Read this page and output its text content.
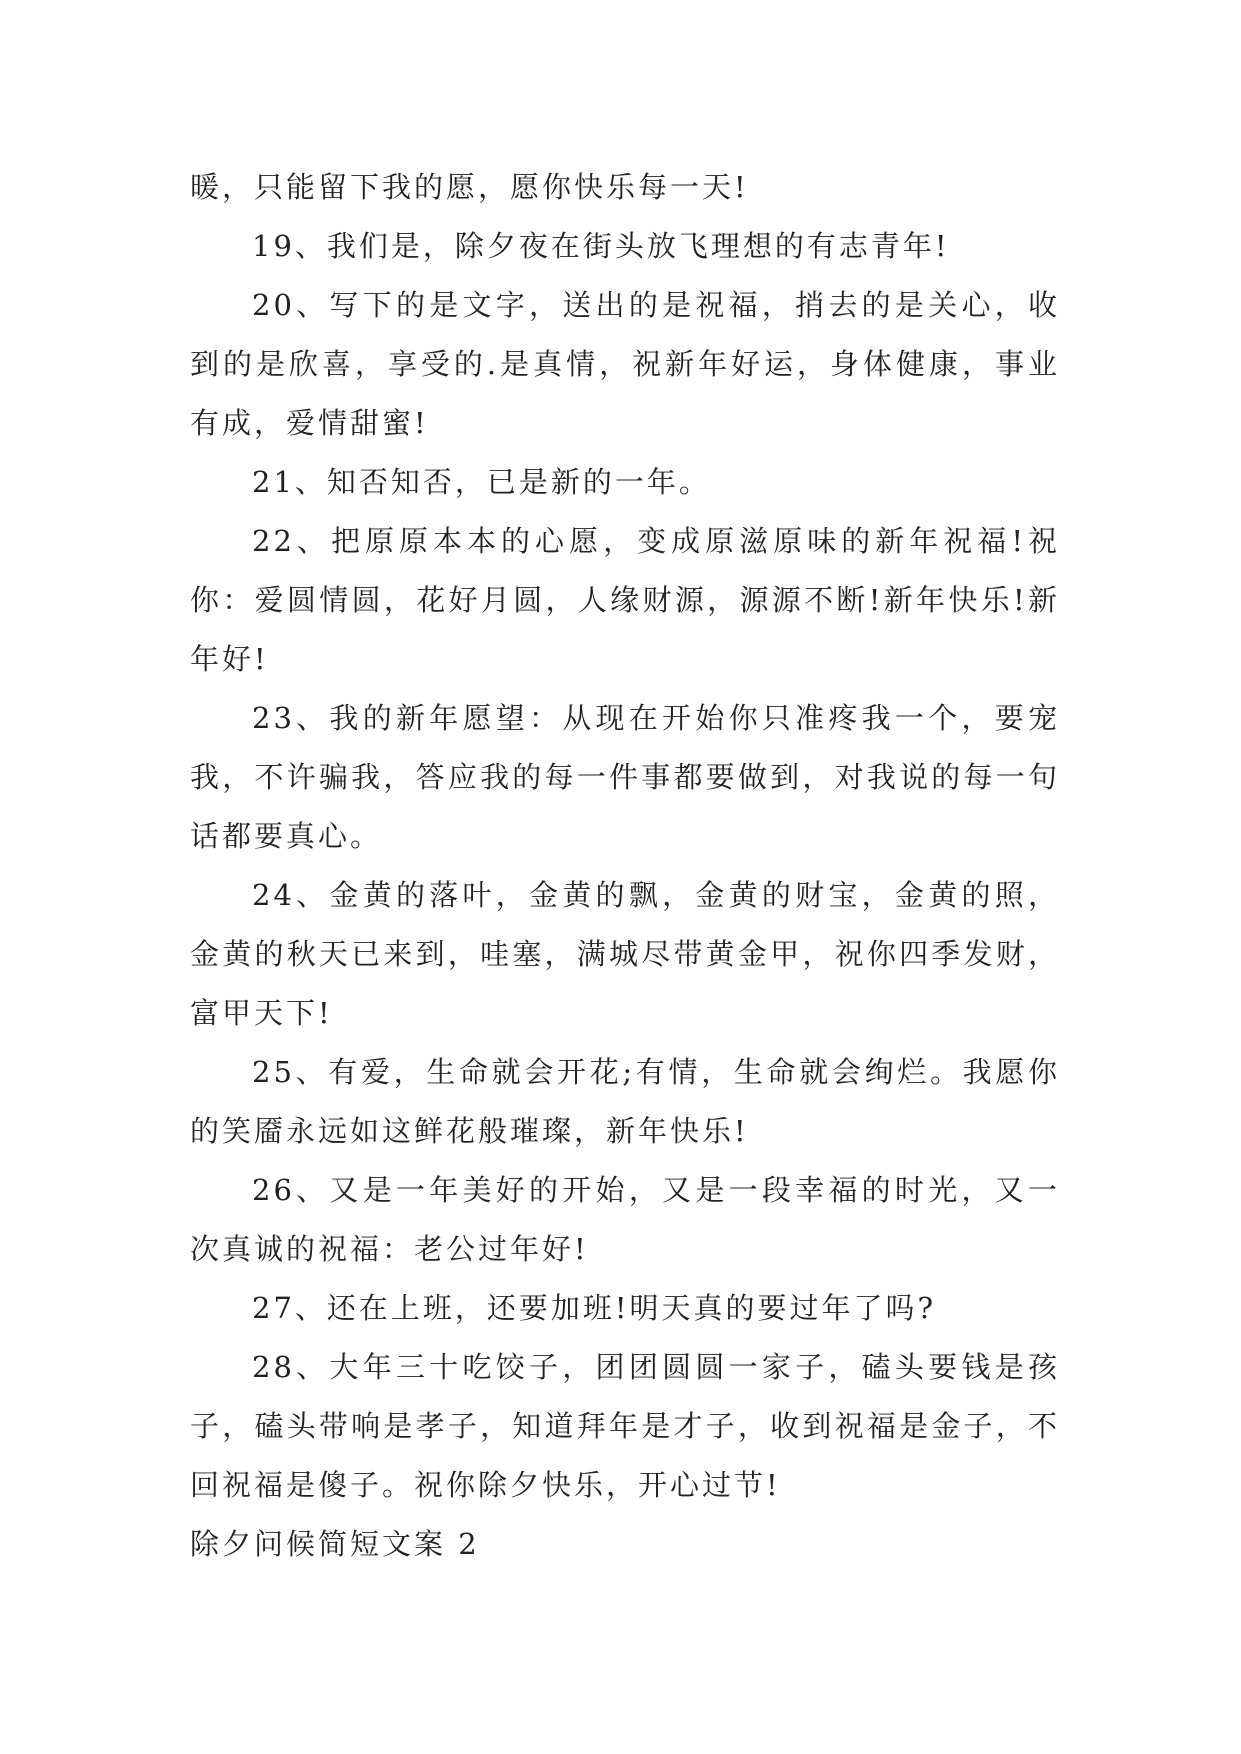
暖，只能留下我的愿，愿你快乐每一天!

19、我们是，除夕夜在街头放飞理想的有志青年!

20、写下的是文字，送出的是祝福，捎去的是关心，收到的是欣喜，享受的.是真情，祝新年好运，身体健康，事业有成，爱情甜蜜!

21、知否知否，已是新的一年。

22、把原原本本的心愿，变成原滋原味的新年祝福!祝你：爱圆情圆，花好月圆，人缘财源，源源不断!新年快乐!新年好!

23、我的新年愿望：从现在开始你只准疼我一个，要宠我，不许骗我，答应我的每一件事都要做到，对我说的每一句话都要真心。

24、金黄的落叶，金黄的飘，金黄的财宝，金黄的照，金黄的秋天已来到，哇塞，满城尽带黄金甲，祝你四季发财，富甲天下!

25、有爱，生命就会开花;有情，生命就会绚烂。我愿你的笑靥永远如这鲜花般璀璨，新年快乐!

26、又是一年美好的开始，又是一段幸福的时光，又一次真诚的祝福：老公过年好!

27、还在上班，还要加班!明天真的要过年了吗?

28、大年三十吃饺子，团团圆圆一家子，磕头要钱是孩子，磕头带响是孝子，知道拜年是才子，收到祝福是金子，不回祝福是傻子。祝你除夕快乐，开心过节!

除夕问候简短文案 2
